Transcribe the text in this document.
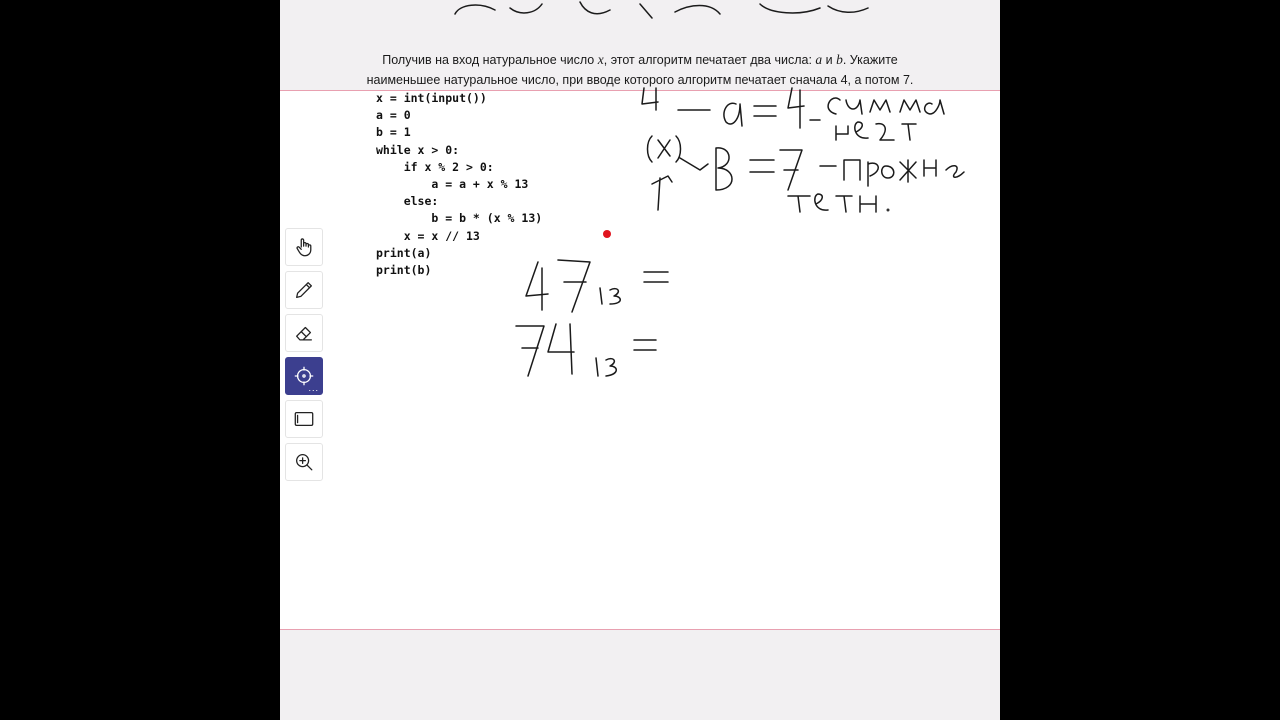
Получив на вход натуральное число x, этот алгоритм печатает два числа: a и b. Укажите
наименьшее натуральное число, при вводе которого алгоритм печатает сначала 4, а потом 7.
x = int(input())
a = 0
b = 1
while x > 0:
if x % 2 > 0:
a = a + x % 13
else:
b = b * (x % 13)
x = x // 13
print(a)
print(b)
...
